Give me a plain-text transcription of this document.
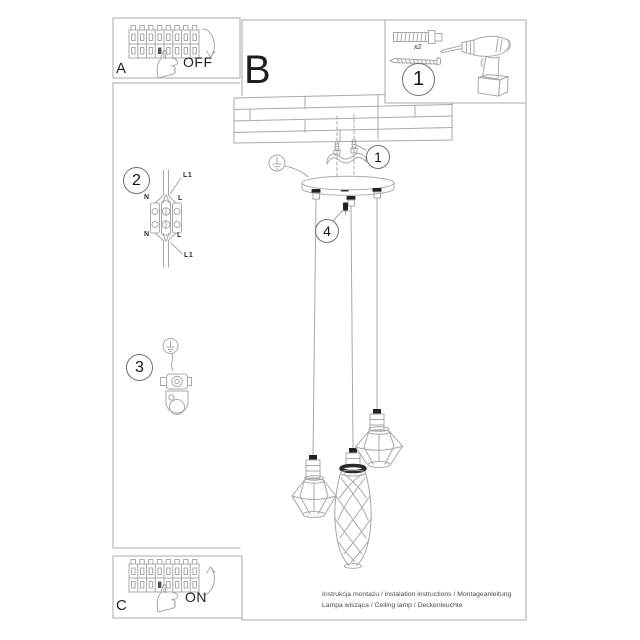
A	OFF B
C	ON
x2
1
2
3
1
4
L1
N	L
N	L
L1
Instrukcja montażu / instalation instructions / Montageanleitung
Lampa wisząca / Ceiling lamp / Deckenleuchte
